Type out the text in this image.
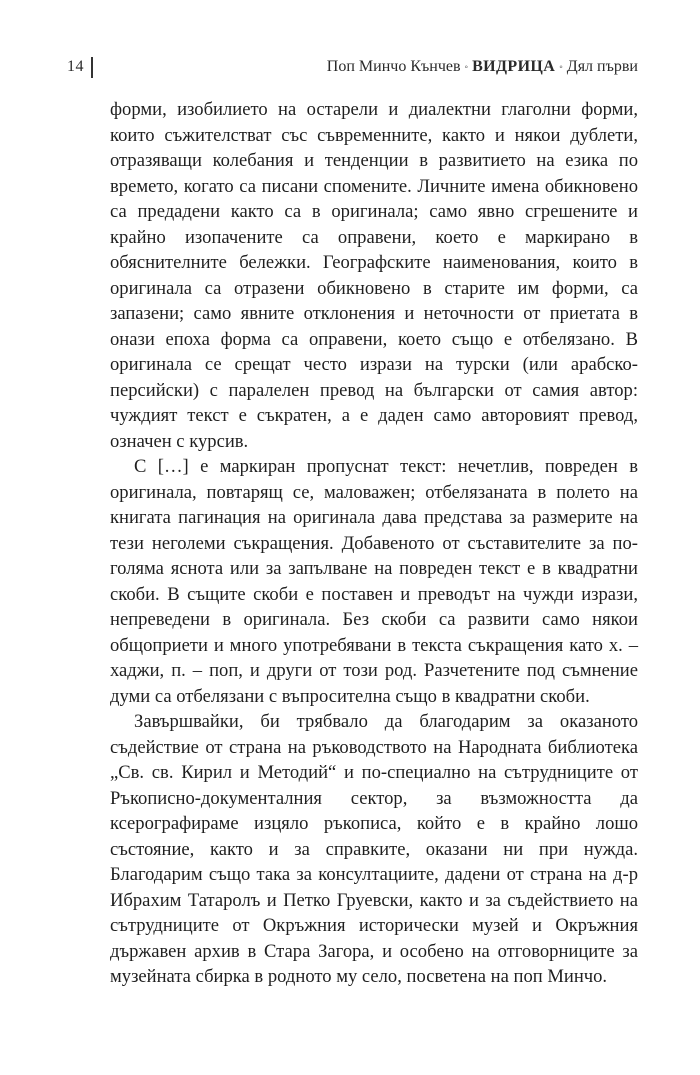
14	Поп Минчо Кънчев ◦ ВИДРИЦА ◦ Дял първи

форми, изобилието на остарели и диалектни глаголни форми, които съжителстват със съвременните, както и някои дублети, отразяващи колебания и тенденции в развитието на езика по времето, когато са писани спомените. Личните имена обикновено са предадени както са в оригинала; само явно сгрешените и крайно изопачените са оправени, което е маркирано в обяснителните бележки. Географските наименования, които в оригинала са отразени обикновено в старите им форми, са запазени; само явните отклонения и неточности от приетата в онази епоха форма са оправени, което също е отбелязано. В оригинала се срещат често изрази на турски (или арабско-персийски) с паралелен превод на български от самия автор: чуждият текст е съкратен, а е даден само авторовият превод, означен с курсив.

С […] е маркиран пропуснат текст: нечетлив, повреден в оригинала, повтарящ се, маловажен; отбелязаната в полето на книгата пагинация на оригинала дава представа за размерите на тези неголеми съкращения. Добавеното от съставителите за по-голяма яснота или за запълване на повреден текст е в квадратни скоби. В същите скоби е поставен и преводът на чужди изрази, непреведени в оригинала. Без скоби са развити само някои общоприети и много употребявани в текста съкращения като х. – хаджи, п. – поп, и други от този род. Разчетените под съмнение думи са отбелязани с въпросителна също в квадратни скоби.

Завършвайки, би трябвало да благодарим за оказаното съдействие от страна на ръководството на Народната библиотека „Св. св. Кирил и Методий“ и по-специално на сътрудниците от Ръкописно-документалния сектор, за възможността да ксерографираме изцяло ръкописа, който е в крайно лошо състояние, както и за справките, оказани ни при нужда. Благодарим също така за консултациите, дадени от страна на д-р Ибрахим Татаролъ и Петко Груевски, както и за съдействието на сътрудниците от Окръжния исторически музей и Окръжния държавен архив в Стара Загора, и особено на отговорниците за музейната сбирка в родното му село, посветена на поп Минчо.
